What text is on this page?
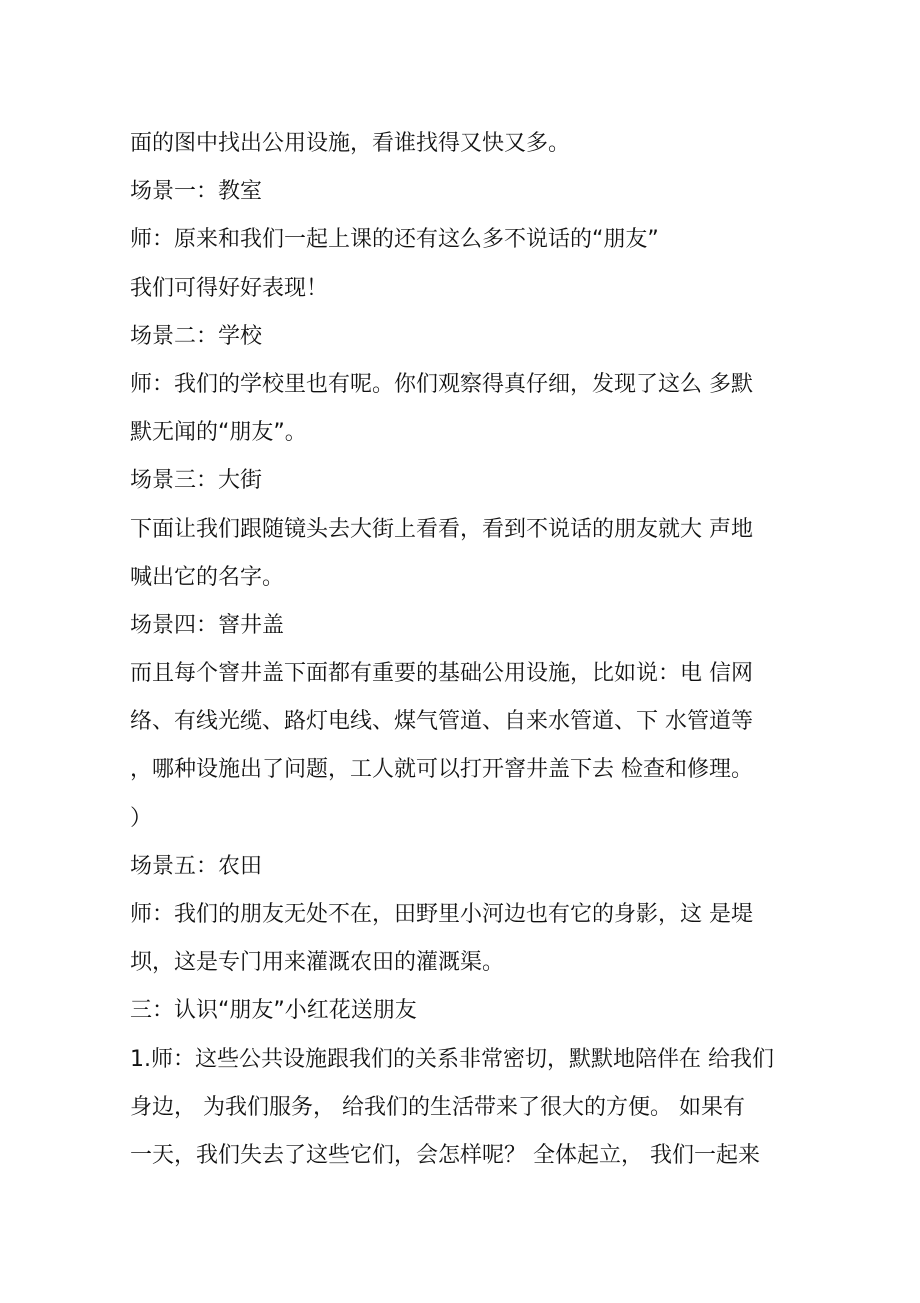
面的图中找出公用设施，看谁找得又快又多。
场景一：教室
师：原来和我们一起上课的还有这么多不说话的“朋友”
我们可得好好表现！
场景二：学校
师：我们的学校里也有呢。你们观察得真仔细，发现了这么 多默
默无闻的“朋友”。
场景三：大街
下面让我们跟随镜头去大街上看看，看到不说话的朋友就大 声地
喊出它的名字。
场景四：窨井盖
而且每个窨井盖下面都有重要的基础公用设施，比如说：电 信网
络、有线光缆、路灯电线、煤气管道、自来水管道、下 水管道等
，哪种设施出了问题，工人就可以打开窨井盖下去 检查和修理。
）
场景五：农田
师：我们的朋友无处不在，田野里小河边也有它的身影，这 是堤
坝，这是专门用来灌溉农田的灌溉渠。
三：认识“朋友”小红花送朋友
1.师：这些公共设施跟我们的关系非常密切，默默地陪伴在 给我们
身边， 为我们服务， 给我们的生活带来了很大的方便。 如果有
一天，我们失去了这些它们，会怎样呢？ 全体起立， 我们一起来
